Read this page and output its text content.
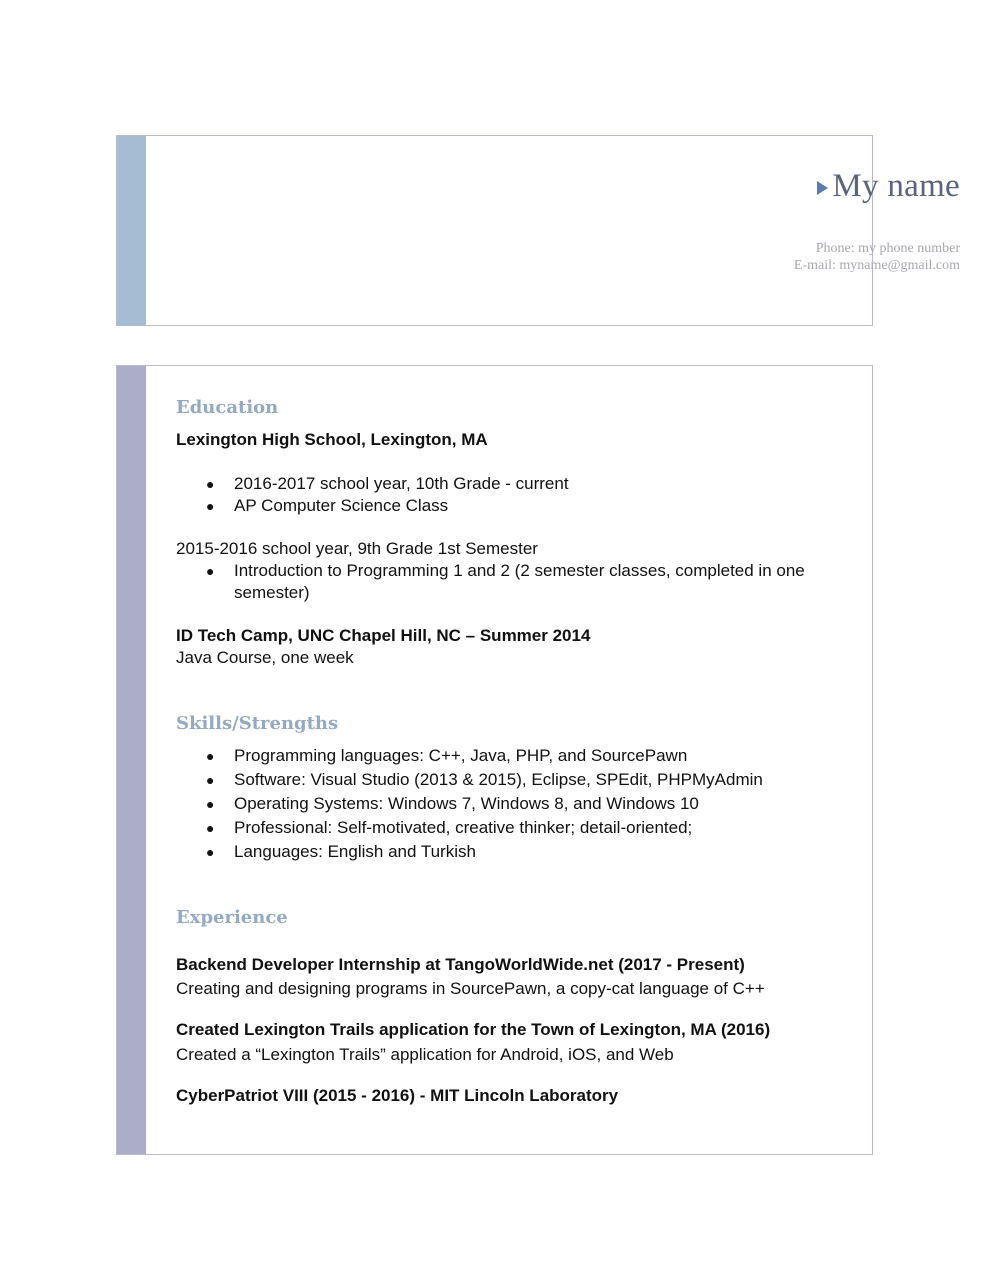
My name
Phone: my phone number
E-mail: myname@gmail.com
Education
Lexington High School, Lexington, MA
● 2016-2017 school year, 10th Grade - current
● AP Computer Science Class
2015-2016 school year, 9th Grade 1st Semester
● Introduction to Programming 1 and 2 (2 semester classes, completed in one semester)
ID Tech Camp, UNC Chapel Hill, NC – Summer 2014
Java Course, one week
Skills/Strengths
● Programming languages: C++, Java, PHP, and SourcePawn
● Software: Visual Studio (2013 & 2015), Eclipse, SPEdit, PHPMyAdmin
● Operating Systems: Windows 7, Windows 8, and Windows 10
● Professional: Self-motivated, creative thinker; detail-oriented;
● Languages: English and Turkish
Experience
Backend Developer Internship at TangoWorldWide.net (2017 - Present)
Creating and designing programs in SourcePawn, a copy-cat language of C++
Created Lexington Trails application for the Town of Lexington, MA (2016)
Created a “Lexington Trails” application for Android, iOS, and Web
CyberPatriot VIII (2015 - 2016) - MIT Lincoln Laboratory
